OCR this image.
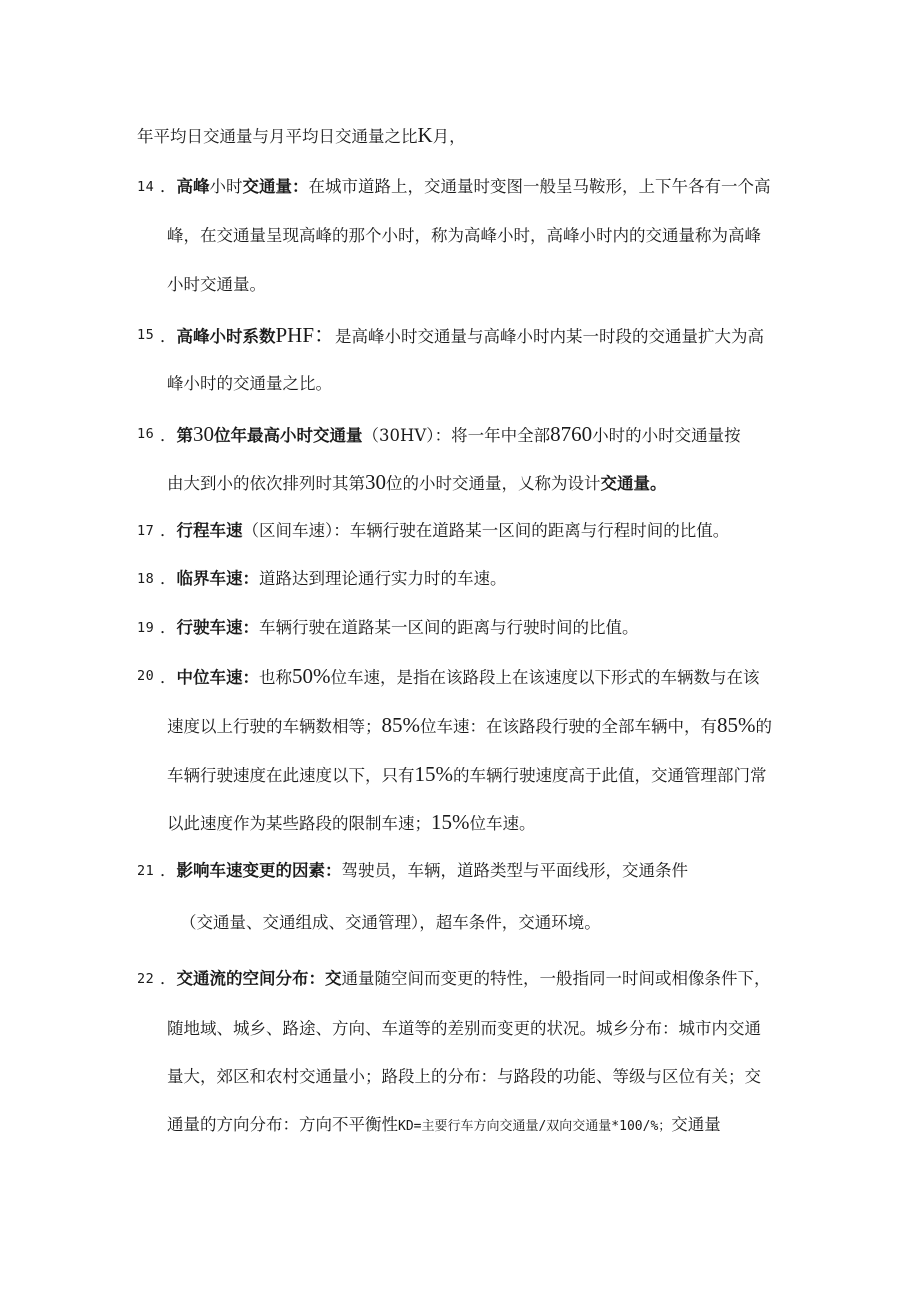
年平均日交通量与月平均日交通量之比K月，
14 ．高峰小时交通量：在城市道路上，交通量时变图一般呈马鞍形，上下午各有一个高
峰，在交通量呈现高峰的那个小时，称为高峰小时，高峰小时内的交通量称为高峰
小时交通量。
15 ．高峰小时系数PHF：是高峰小时交通量与高峰小时内某一时段的交通量扩大为高
峰小时的交通量之比。
16 ．第30位年最高小时交通量（30HV）：将一年中全部8760小时的小时交通量按
由大到小的依次排列时其第30位的小时交通量，乂称为设计交通量。
17 ．行程车速（区间车速）：车辆行驶在道路某一区间的距离与行程时间的比值。
18 ．临界车速：道路达到理论通行实力时的车速。
19 ．行驶车速：车辆行驶在道路某一区间的距离与行驶时间的比值。
20 ．中位车速：也称50%位车速，是指在该路段上在该速度以下形式的车辆数与在该
速度以上行驶的车辆数相等；85%位车速：在该路段行驶的全部车辆中，有85%的
车辆行驶速度在此速度以下，只有15%的车辆行驶速度高于此值，交通管理部门常
以此速度作为某些路段的限制车速；15%位车速。
21 ．影响车速变更的因素：驾驶员，车辆，道路类型与平面线形，交通条件
（交通量、交通组成、交通管理），超车条件，交通环境。
22 ．交通流的空间分布：交通量随空间而变更的特性，一般指同一时间或相像条件下，
随地域、城乡、路途、方向、车道等的差别而变更的状况。城乡分布：城市内交通
量大，郊区和农村交通量小；路段上的分布：与路段的功能、等级与区位有关；交
通量的方向分布：方向不平衡性KD=主要行车方向交通量/双向交通量*100/%；交通量
